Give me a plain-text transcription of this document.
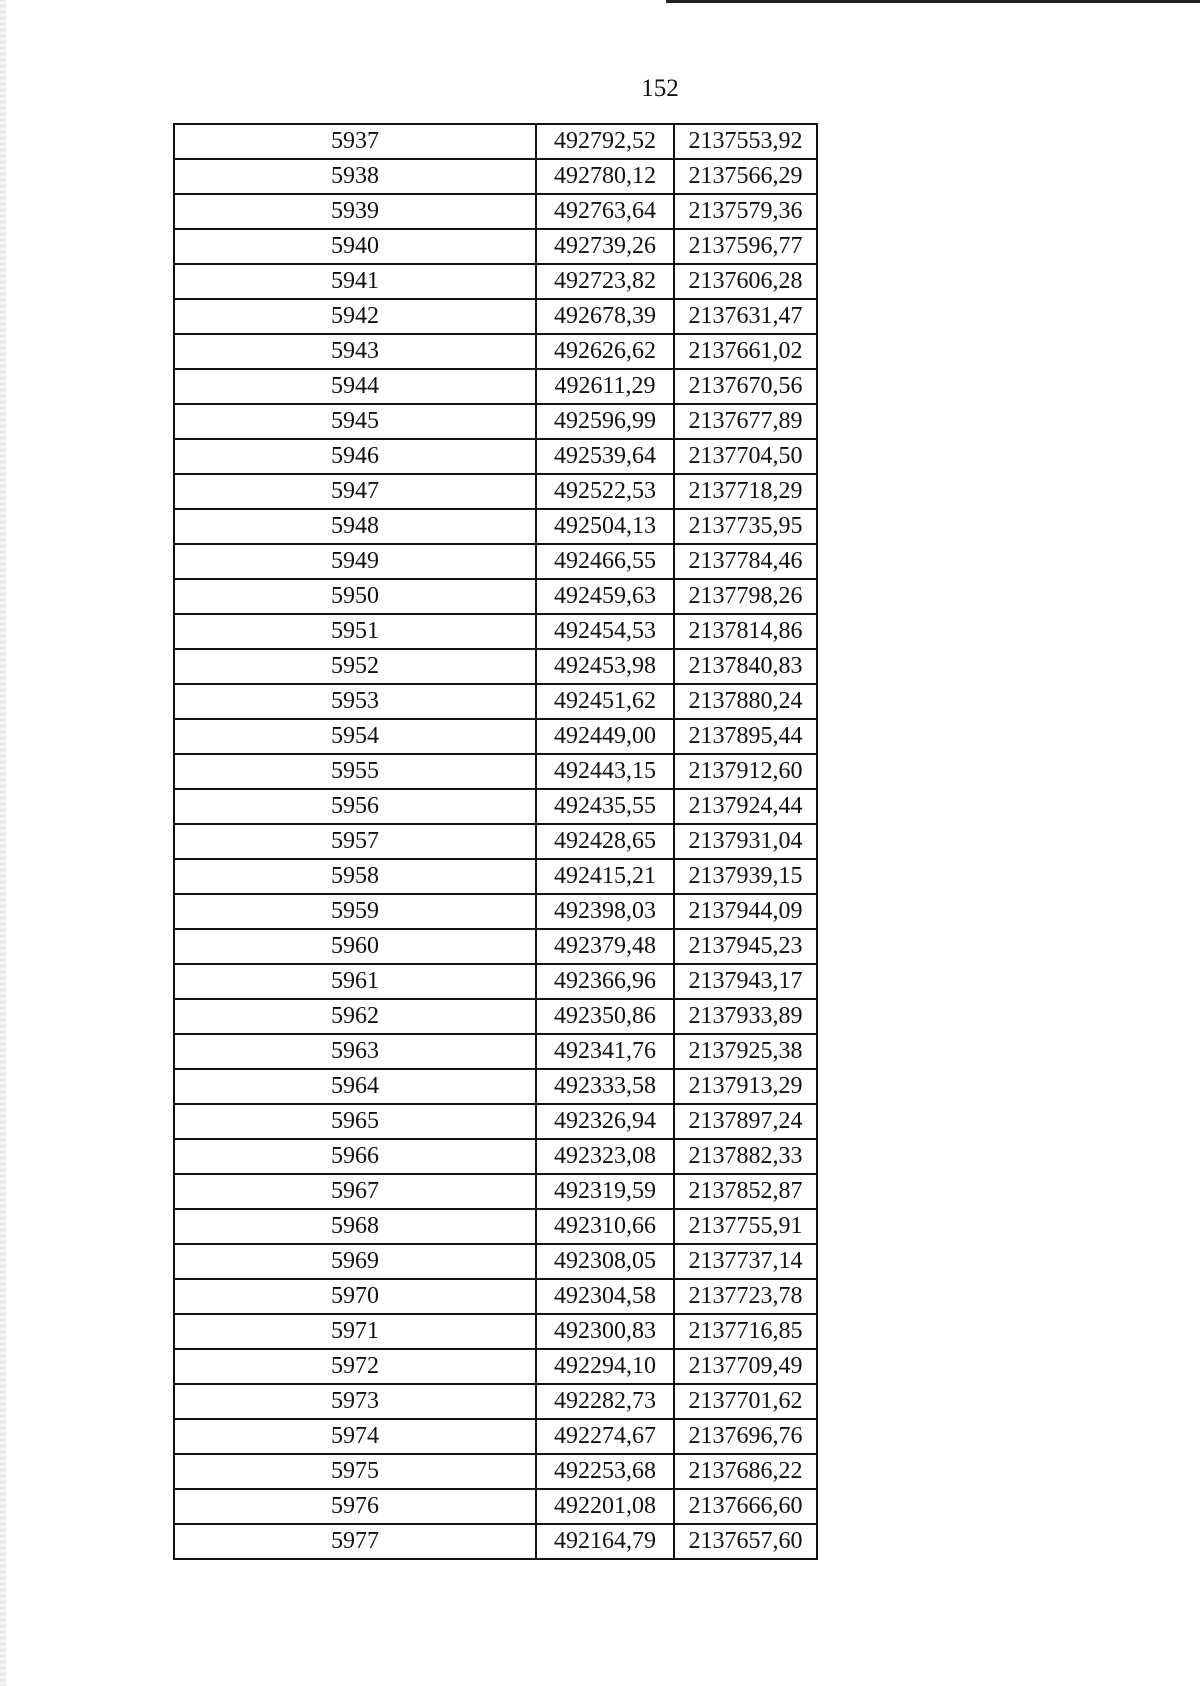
152
5937	492792,52	2137553,92
5938	492780,12	2137566,29
5939	492763,64	2137579,36
5940	492739,26	2137596,77
5941	492723,82	2137606,28
5942	492678,39	2137631,47
5943	492626,62	2137661,02
5944	492611,29	2137670,56
5945	492596,99	2137677,89
5946	492539,64	2137704,50
5947	492522,53	2137718,29
5948	492504,13	2137735,95
5949	492466,55	2137784,46
5950	492459,63	2137798,26
5951	492454,53	2137814,86
5952	492453,98	2137840,83
5953	492451,62	2137880,24
5954	492449,00	2137895,44
5955	492443,15	2137912,60
5956	492435,55	2137924,44
5957	492428,65	2137931,04
5958	492415,21	2137939,15
5959	492398,03	2137944,09
5960	492379,48	2137945,23
5961	492366,96	2137943,17
5962	492350,86	2137933,89
5963	492341,76	2137925,38
5964	492333,58	2137913,29
5965	492326,94	2137897,24
5966	492323,08	2137882,33
5967	492319,59	2137852,87
5968	492310,66	2137755,91
5969	492308,05	2137737,14
5970	492304,58	2137723,78
5971	492300,83	2137716,85
5972	492294,10	2137709,49
5973	492282,73	2137701,62
5974	492274,67	2137696,76
5975	492253,68	2137686,22
5976	492201,08	2137666,60
5977	492164,79	2137657,60
